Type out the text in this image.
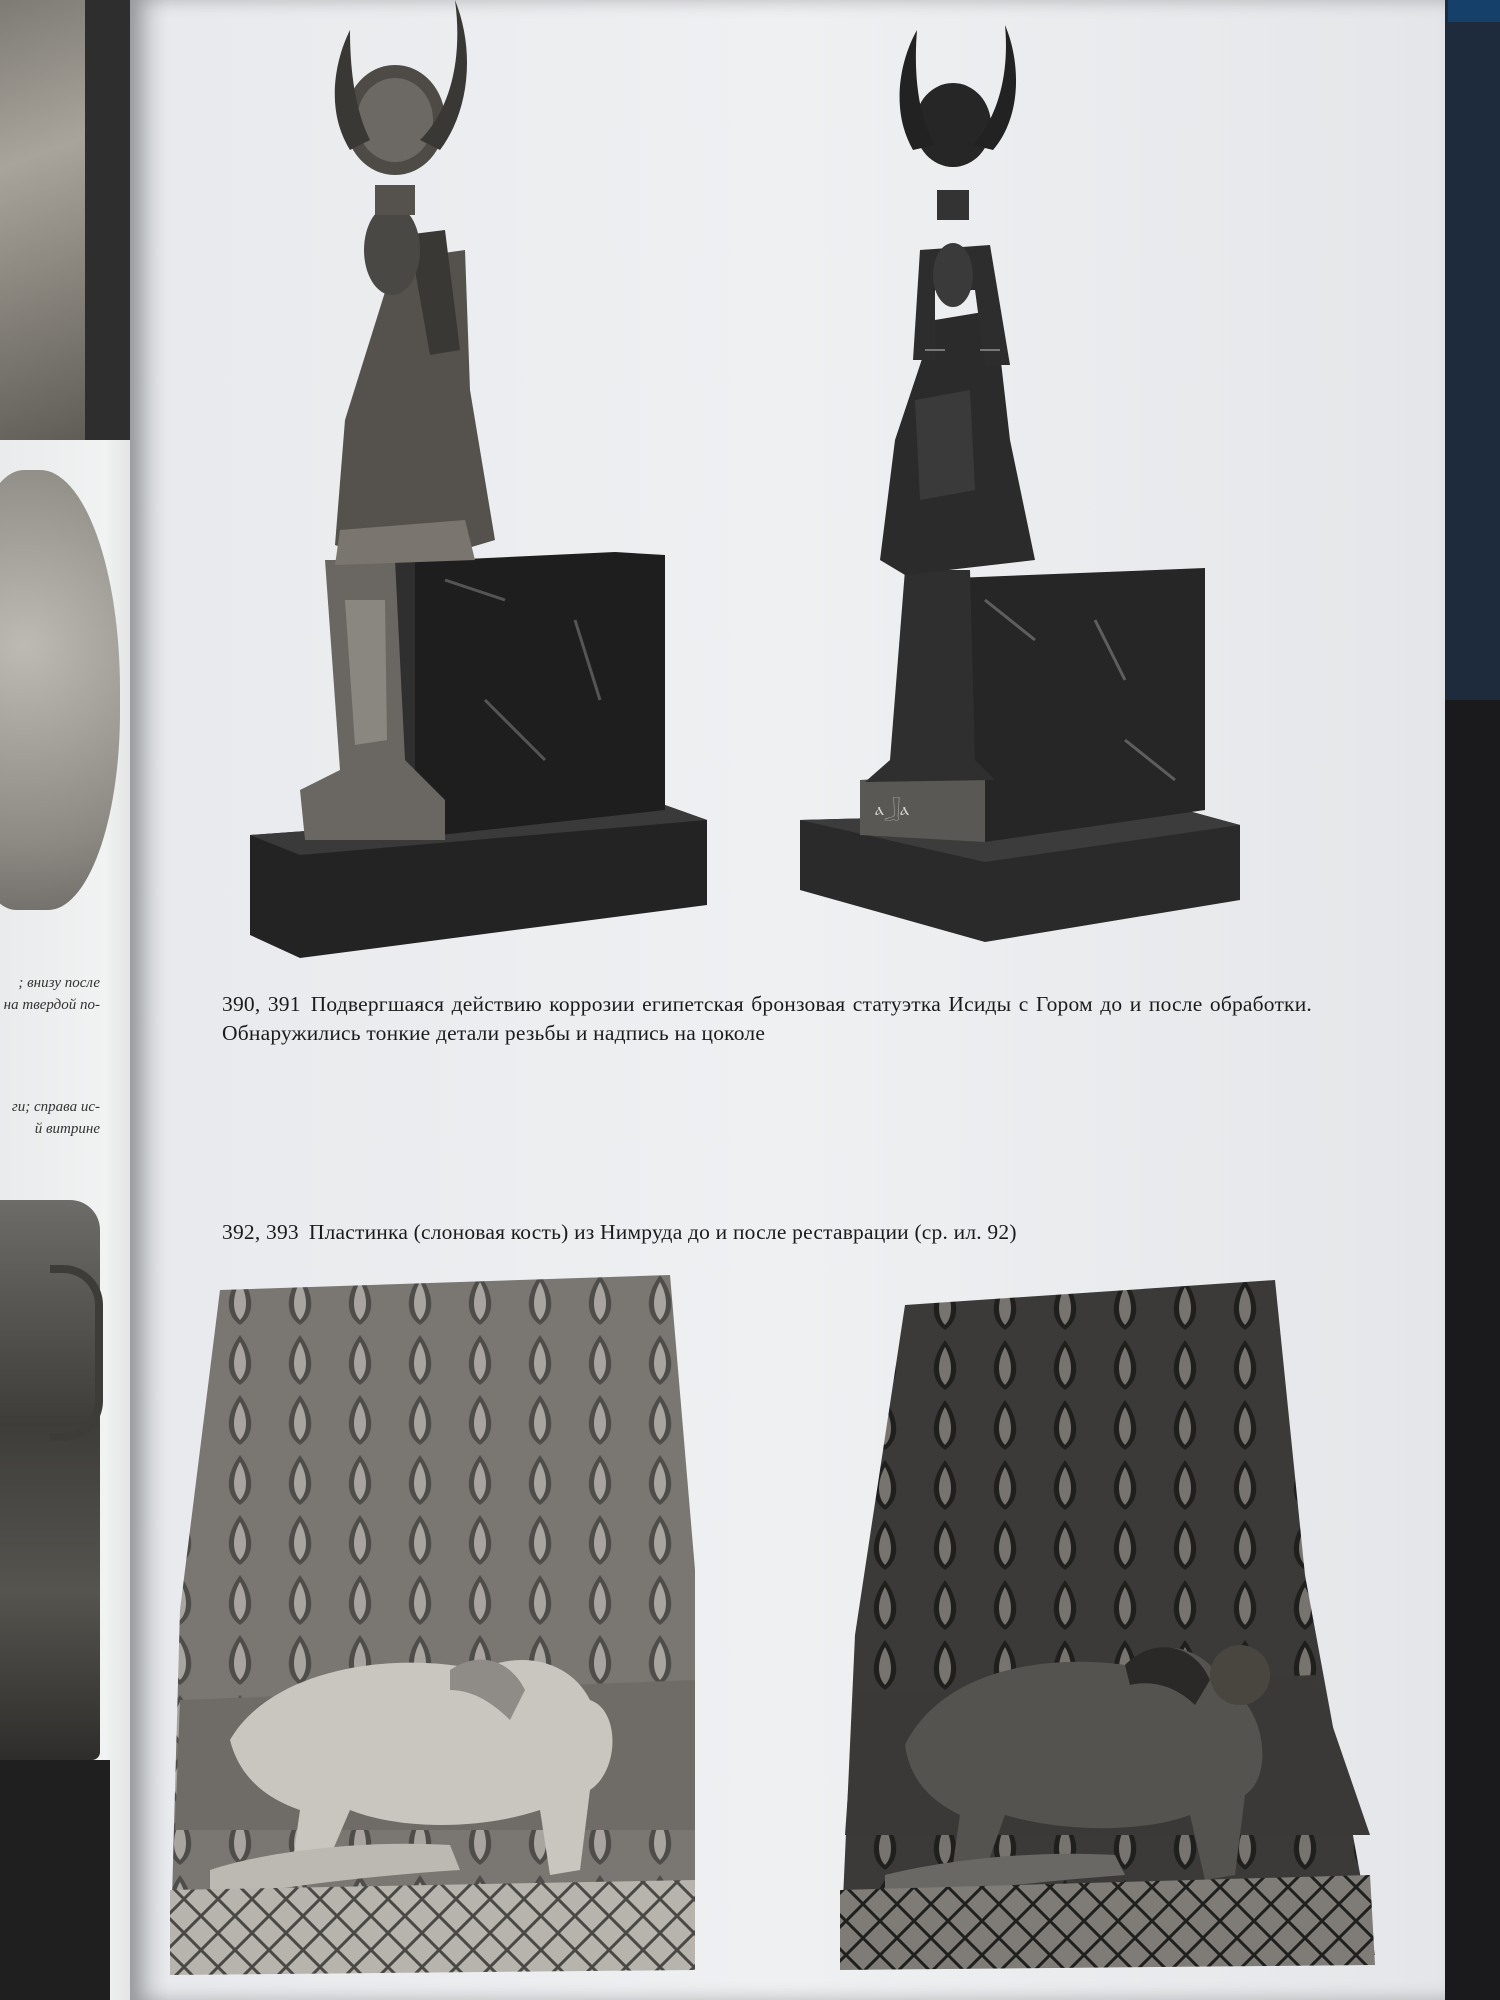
; внизу после
на твердой по-
ги; справа ис-
й витрине
ⲁ𓃀ⲁ
390, 391 Подвергшаяся действию коррозии египетская бронзовая статуэтка Исиды с Гором до и после обработки. Обнаружились тонкие детали резьбы и надпись на цоколе
392, 393 Пластинка (слоновая кость) из Нимруда до и после реставрации (ср. ил. 92)
